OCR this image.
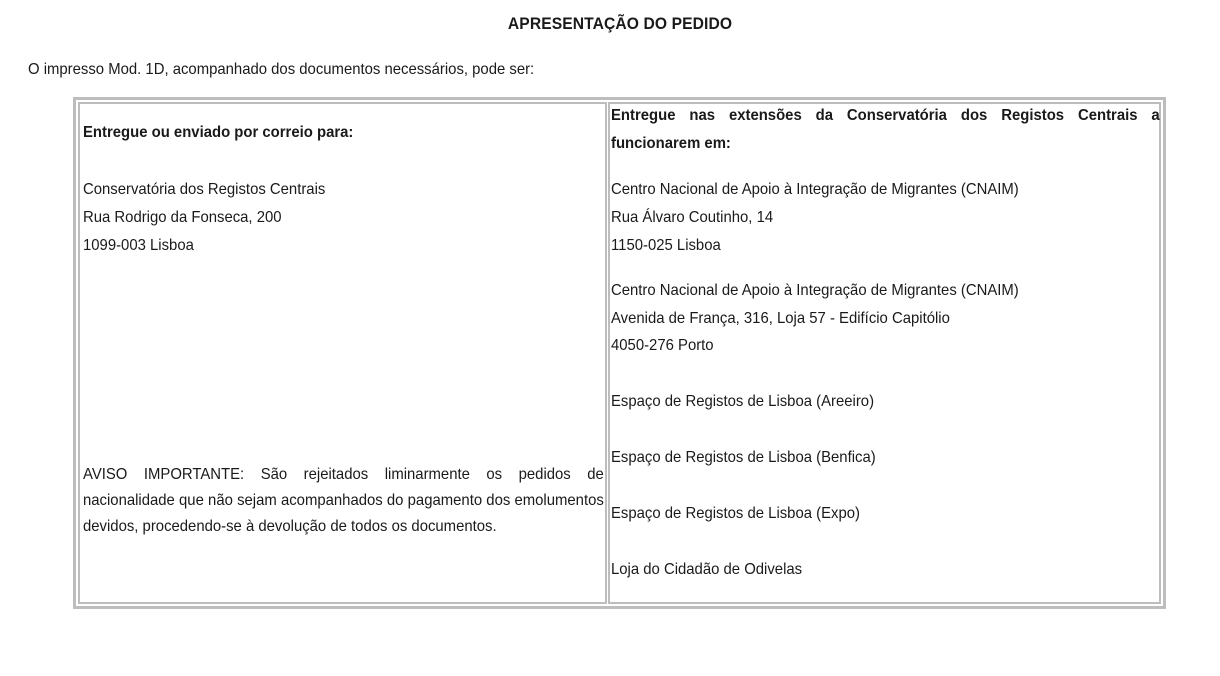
APRESENTAÇÃO DO PEDIDO
O impresso Mod. 1D, acompanhado dos documentos necessários, pode ser:
Entregue ou enviado por correio para:
Conservatória dos Registos Centrais
Rua Rodrigo da Fonseca, 200
1099-003 Lisboa
AVISO IMPORTANTE: São rejeitados liminarmente os pedidos de nacionalidade que não sejam acompanhados do pagamento dos emolumentos devidos, procedendo-se à devolução de todos os documentos.
Entregue nas extensões da Conservatória dos Registos Centrais a funcionarem em:
Centro Nacional de Apoio à Integração de Migrantes (CNAIM)
Rua Álvaro Coutinho, 14
1150-025 Lisboa
Centro Nacional de Apoio à Integração de Migrantes (CNAIM)
Avenida de França, 316, Loja 57 - Edifício Capitólio
4050-276 Porto
Espaço de Registos de Lisboa (Areeiro)
Espaço de Registos de Lisboa (Benfica)
Espaço de Registos de Lisboa (Expo)
Loja do Cidadão de Odivelas
